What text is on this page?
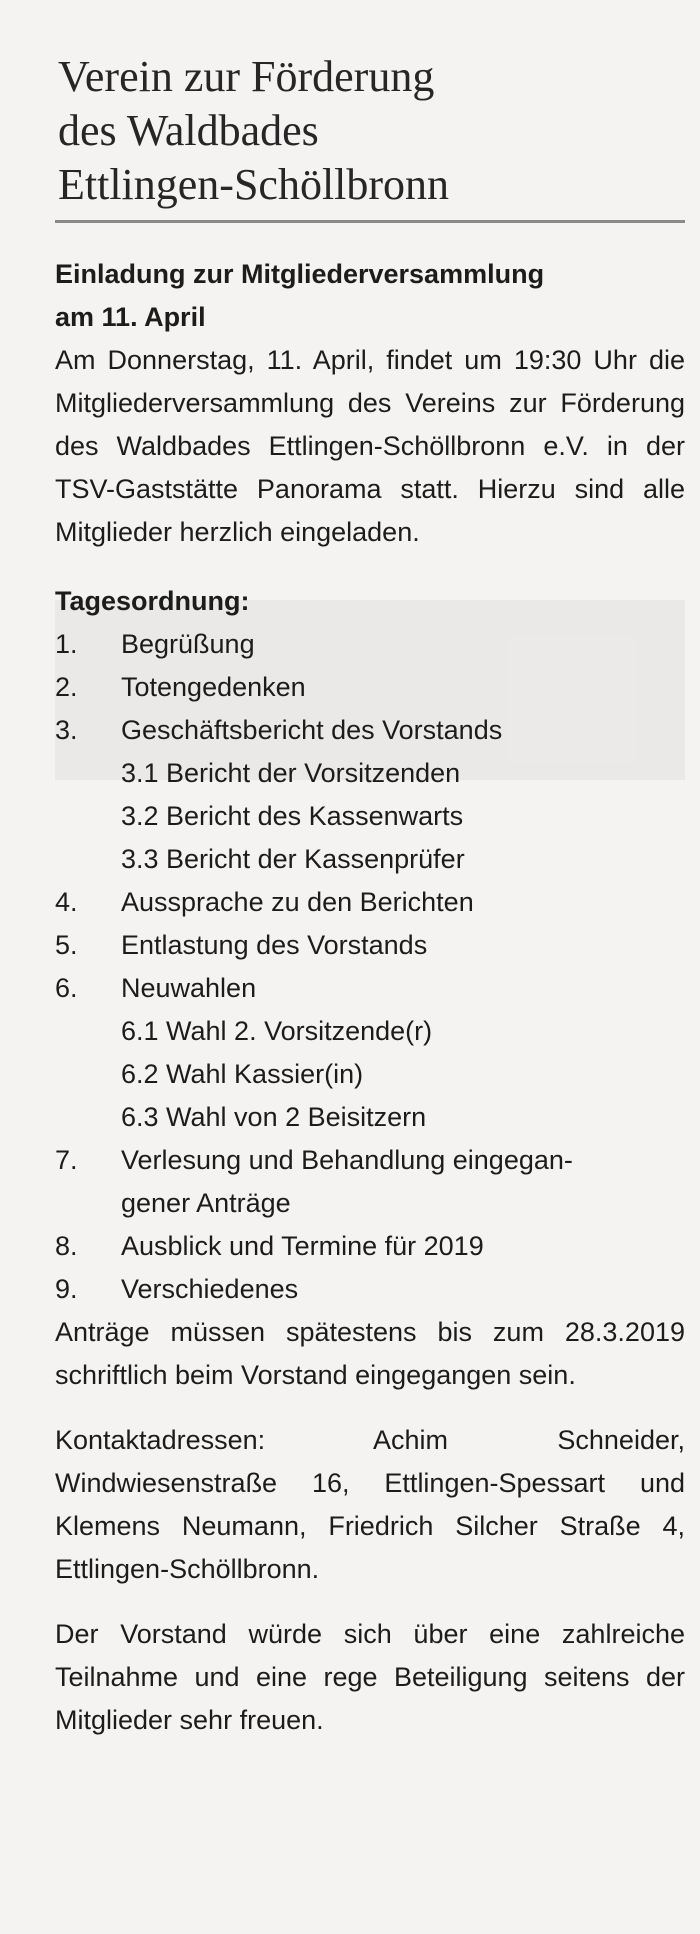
Verein zur Förderung
des Waldbades
Ettlingen-Schöllbronn
Einladung zur Mitgliederversammlung
am 11. April

Am Donnerstag, 11. April, findet um 19:30 Uhr die Mitgliederversammlung des Vereins zur Förderung des Waldbades Ettlingen-Schöllbronn e.V. in der TSV-Gaststätte Panorama statt. Hierzu sind alle Mitglieder herzlich eingeladen.

Tagesordnung:
1. Begrüßung
2. Totengedenken
3. Geschäftsbericht des Vorstands
3.1 Bericht der Vorsitzenden
3.2 Bericht des Kassenwarts
3.3 Bericht der Kassenprüfer
4. Aussprache zu den Berichten
5. Entlastung des Vorstands
6. Neuwahlen
6.1 Wahl 2. Vorsitzende(r)
6.2 Wahl Kassier(in)
6.3 Wahl von 2 Beisitzern
7. Verlesung und Behandlung eingegan-
gener Anträge
8. Ausblick und Termine für 2019
9. Verschiedenes

Anträge müssen spätestens bis zum 28.3.2019 schriftlich beim Vorstand eingegangen sein.

Kontaktadressen: Achim Schneider, Windwiesenstraße 16, Ettlingen-Spessart und Klemens Neumann, Friedrich Silcher Straße 4, Ettlingen-Schöllbronn.

Der Vorstand würde sich über eine zahlreiche Teilnahme und eine rege Beteiligung seitens der Mitglieder sehr freuen.
